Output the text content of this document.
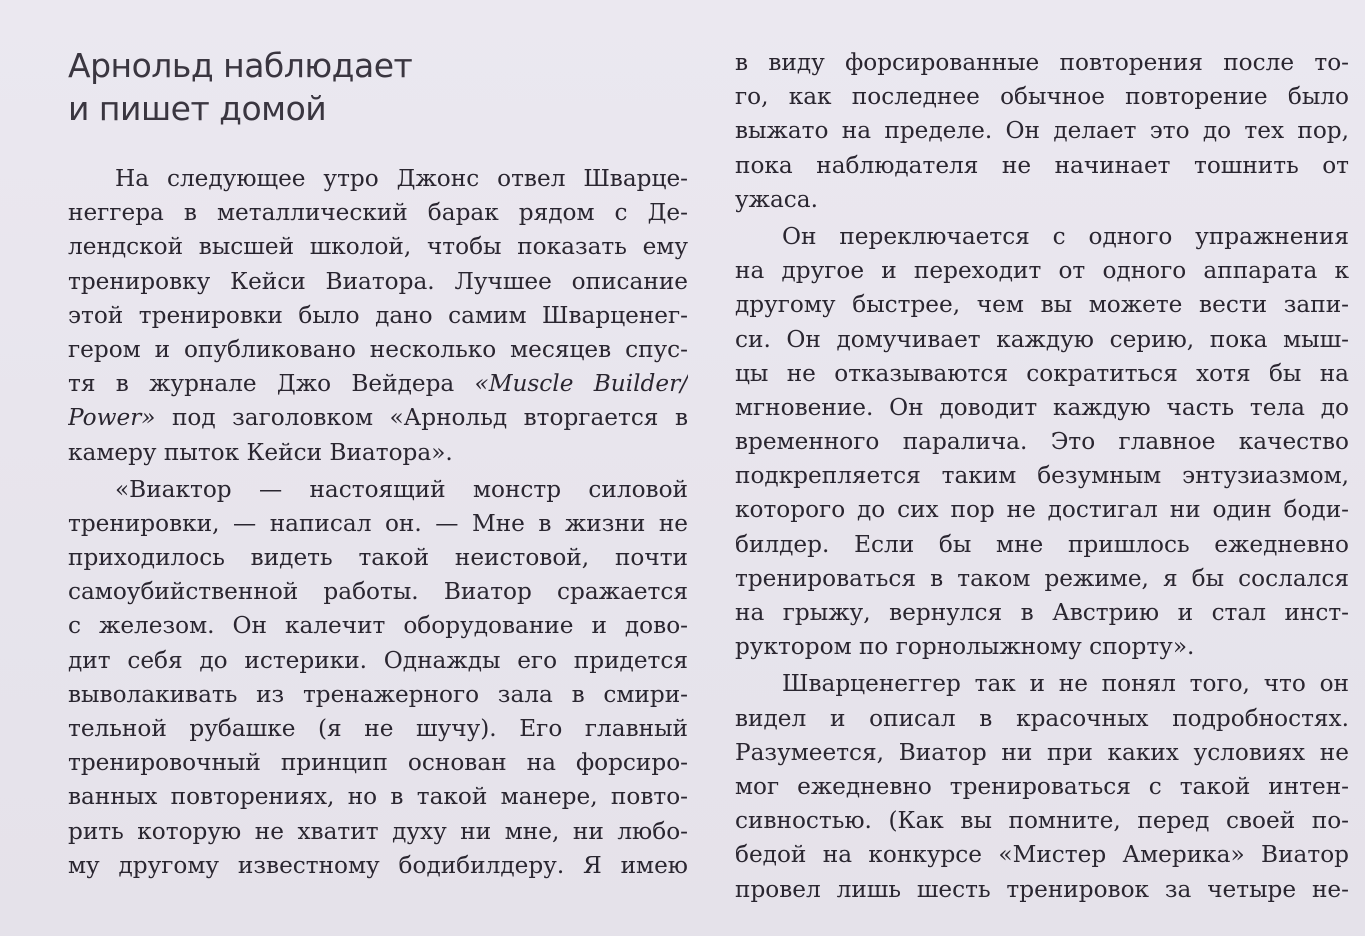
Арнольд наблюдает
и пишет домой
На следующее утро Джонс отвел Шварце-
неггера в металлический барак рядом с Де-
лендской высшей школой, чтобы показать ему
тренировку Кейси Виатора. Лучшее описание
этой тренировки было дано самим Шварценег-
гером и опубликовано несколько месяцев спус-
тя в журнале Джо Вейдера «Muscle Builder/
Power» под заголовком «Арнольд вторгается в
камеру пыток Кейси Виатора».
«Виактор — настоящий монстр силовой
тренировки, — написал он. — Мне в жизни не
приходилось видеть такой неистовой, почти
самоубийственной работы. Виатор сражается
с железом. Он калечит оборудование и дово-
дит себя до истерики. Однажды его придется
выволакивать из тренажерного зала в смири-
тельной рубашке (я не шучу). Его главный
тренировочный принцип основан на форсиро-
ванных повторениях, но в такой манере, повто-
рить которую не хватит духу ни мне, ни любо-
му другому известному бодибилдеру. Я имею
в виду форсированные повторения после то-
го, как последнее обычное повторение было
выжато на пределе. Он делает это до тех пор,
пока наблюдателя не начинает тошнить от
ужаса.
Он переключается с одного упражнения
на другое и переходит от одного аппарата к
другому быстрее, чем вы можете вести запи-
си. Он домучивает каждую серию, пока мыш-
цы не отказываются сократиться хотя бы на
мгновение. Он доводит каждую часть тела до
временного паралича. Это главное качество
подкрепляется таким безумным энтузиазмом,
которого до сих пор не достигал ни один боди-
билдер. Если бы мне пришлось ежедневно
тренироваться в таком режиме, я бы сослался
на грыжу, вернулся в Австрию и стал инст-
руктором по горнолыжному спорту».
Шварценеггер так и не понял того, что он
видел и описал в красочных подробностях.
Разумеется, Виатор ни при каких условиях не
мог ежедневно тренироваться с такой интен-
сивностью. (Как вы помните, перед своей по-
бедой на конкурсе «Мистер Америка» Виатор
провел лишь шесть тренировок за четыре не-
